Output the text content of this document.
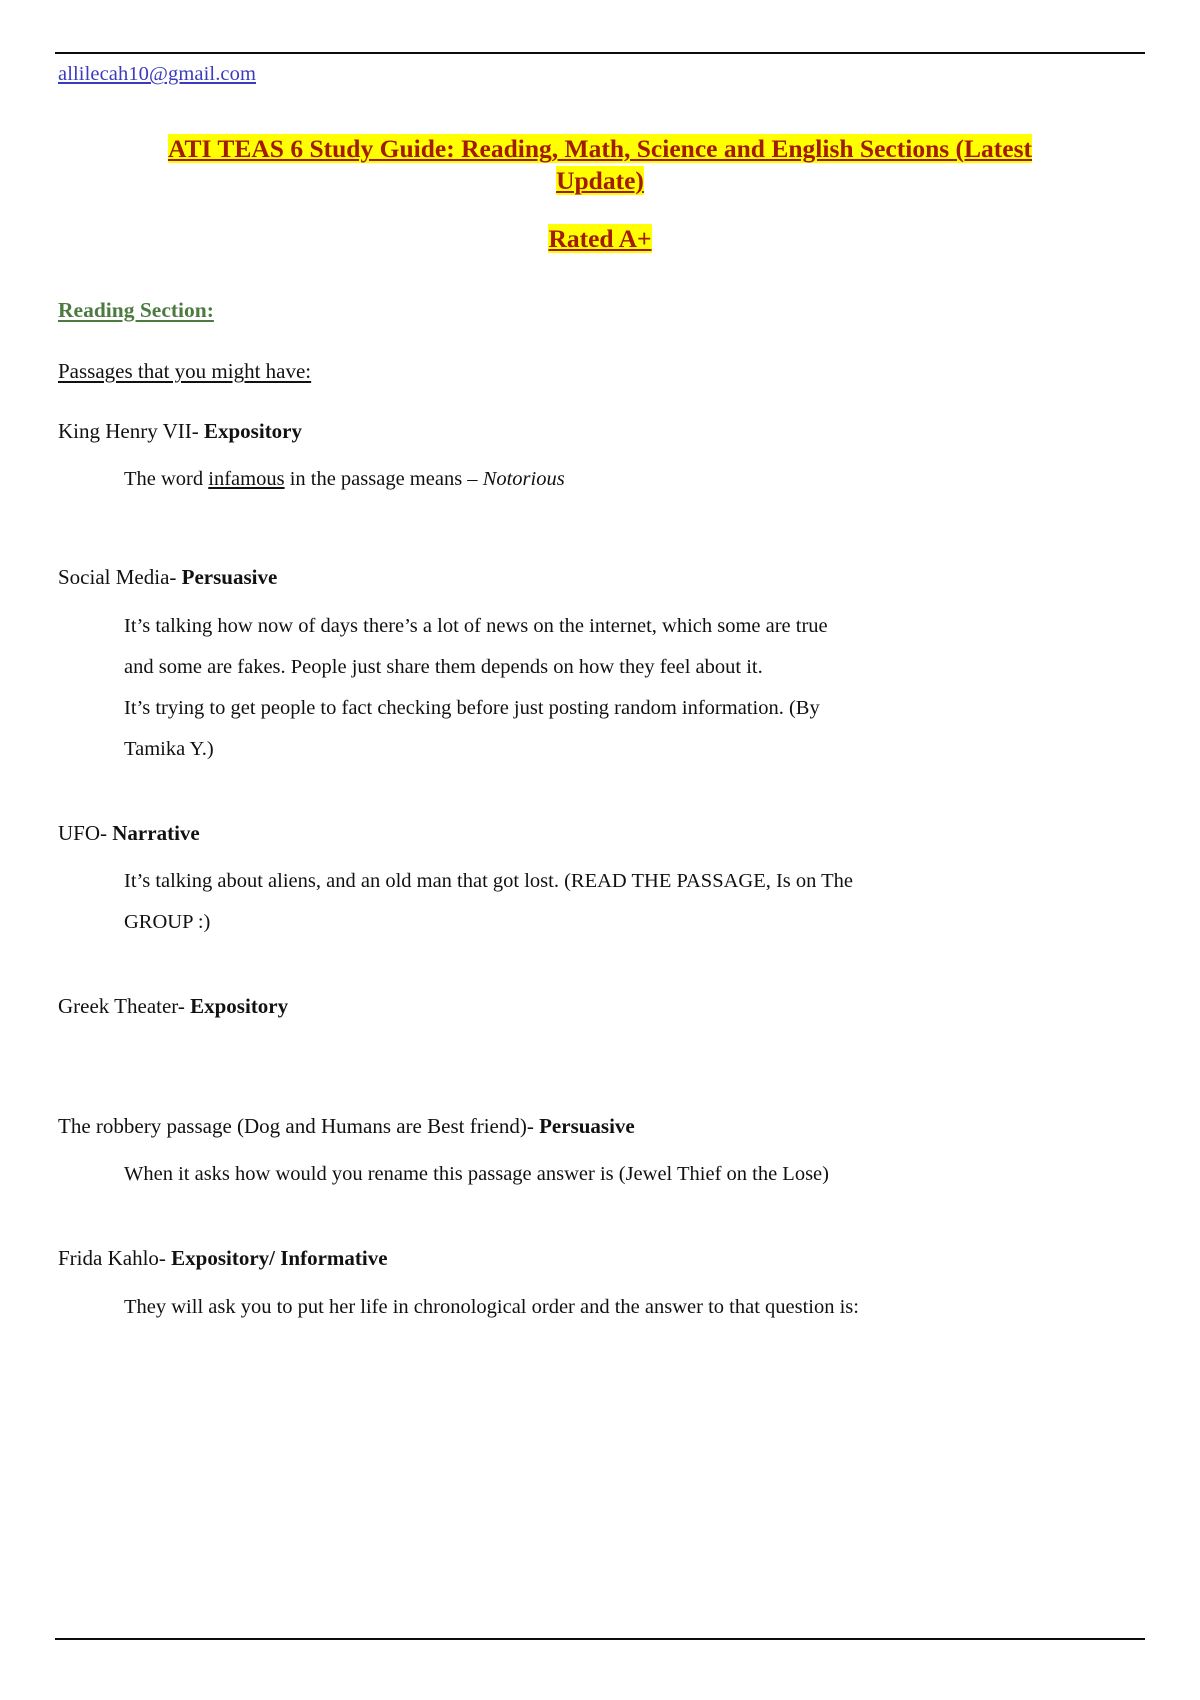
allilecah10@gmail.com
ATI TEAS 6 Study Guide: Reading, Math, Science and English Sections (Latest
Update)
Rated A+
Reading Section:
Passages that you might have:
King Henry VII- Expository
The word infamous in the passage means – Notorious
Social Media- Persuasive
It’s talking how now of days there’s a lot of news on the internet, which some are true
and some are fakes. People just share them depends on how they feel about it.
It’s trying to get people to fact checking before just posting random information. (By
Tamika Y.)
UFO- Narrative
It’s talking about aliens, and an old man that got lost. (READ THE PASSAGE, Is on The
GROUP :)
Greek Theater- Expository
The robbery passage (Dog and Humans are Best friend)- Persuasive
When it asks how would you rename this passage answer is (Jewel Thief on the Lose)
Frida Kahlo- Expository/ Informative
They will ask you to put her life in chronological order and the answer to that question is:
